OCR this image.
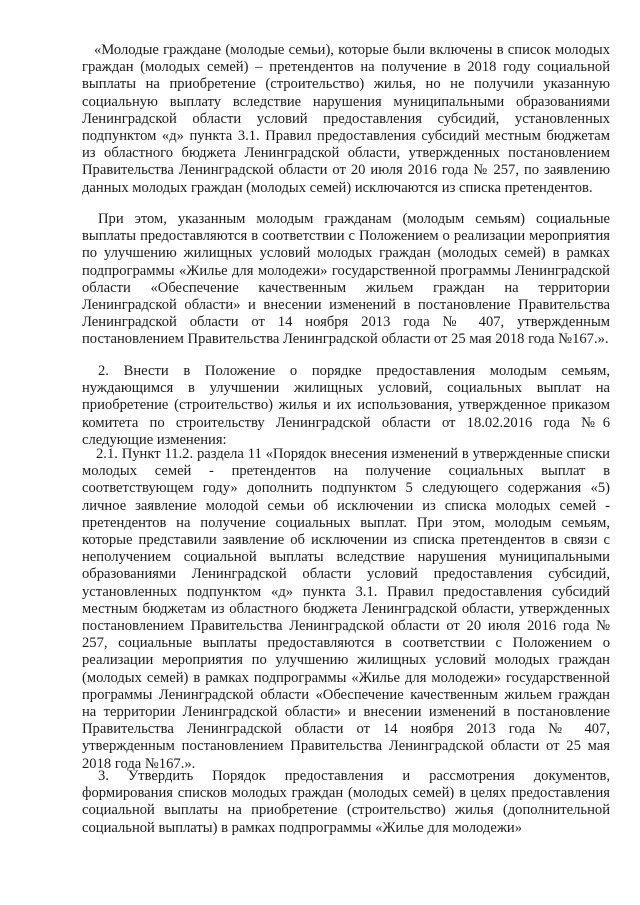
«Молодые граждане (молодые семьи), которые были включены в список молодых граждан (молодых семей) – претендентов на получение в 2018 году социальной выплаты на приобретение (строительство) жилья, но не получили указанную социальную выплату вследствие нарушения муниципальными образованиями Ленинградской области условий предоставления субсидий, установленных подпунктом «д» пункта 3.1. Правил предоставления субсидий местным бюджетам из областного бюджета Ленинградской области, утвержденных постановлением Правительства Ленинградской области от 20 июля 2016 года № 257, по заявлению данных молодых граждан (молодых семей) исключаются из списка претендентов.

При этом, указанным молодым гражданам (молодым семьям) социальные выплаты предоставляются в соответствии с Положением о реализации мероприятия по улучшению жилищных условий молодых граждан (молодых семей) в рамках подпрограммы «Жилье для молодежи» государственной программы Ленинградской области «Обеспечение качественным жильем граждан на территории Ленинградской области» и внесении изменений в постановление Правительства Ленинградской области от 14 ноября 2013 года № 407, утвержденным постановлением Правительства Ленинградской области от 25 мая 2018 года №167.».

2. Внести в Положение о порядке предоставления молодым семьям, нуждающимся в улучшении жилищных условий, социальных выплат на приобретение (строительство) жилья и их использования, утвержденное приказом комитета по строительству Ленинградской области от 18.02.2016 года №6 следующие изменения:

2.1. Пункт 11.2. раздела 11 «Порядок внесения изменений в утвержденные списки молодых семей - претендентов на получение социальных выплат в соответствующем году» дополнить подпунктом 5 следующего содержания «5) личное заявление молодой семьи об исключении из списка молодых семей - претендентов на получение социальных выплат. При этом, молодым семьям, которые представили заявление об исключении из списка претендентов в связи с неполучением социальной выплаты вследствие нарушения муниципальными образованиями Ленинградской области условий предоставления субсидий, установленных подпунктом «д» пункта 3.1. Правил предоставления субсидий местным бюджетам из областного бюджета Ленинградской области, утвержденных постановлением Правительства Ленинградской области от 20 июля 2016 года № 257, социальные выплаты предоставляются в соответствии с Положением о реализации мероприятия по улучшению жилищных условий молодых граждан (молодых семей) в рамках подпрограммы «Жилье для молодежи» государственной программы Ленинградской области «Обеспечение качественным жильем граждан на территории Ленинградской области» и внесении изменений в постановление Правительства Ленинградской области от 14 ноября 2013 года № 407, утвержденным постановлением Правительства Ленинградской области от 25 мая 2018 года №167.».

3. Утвердить Порядок предоставления и рассмотрения документов, формирования списков молодых граждан (молодых семей) в целях предоставления социальной выплаты на приобретение (строительство) жилья (дополнительной социальной выплаты) в рамках подпрограммы «Жилье для молодежи»
